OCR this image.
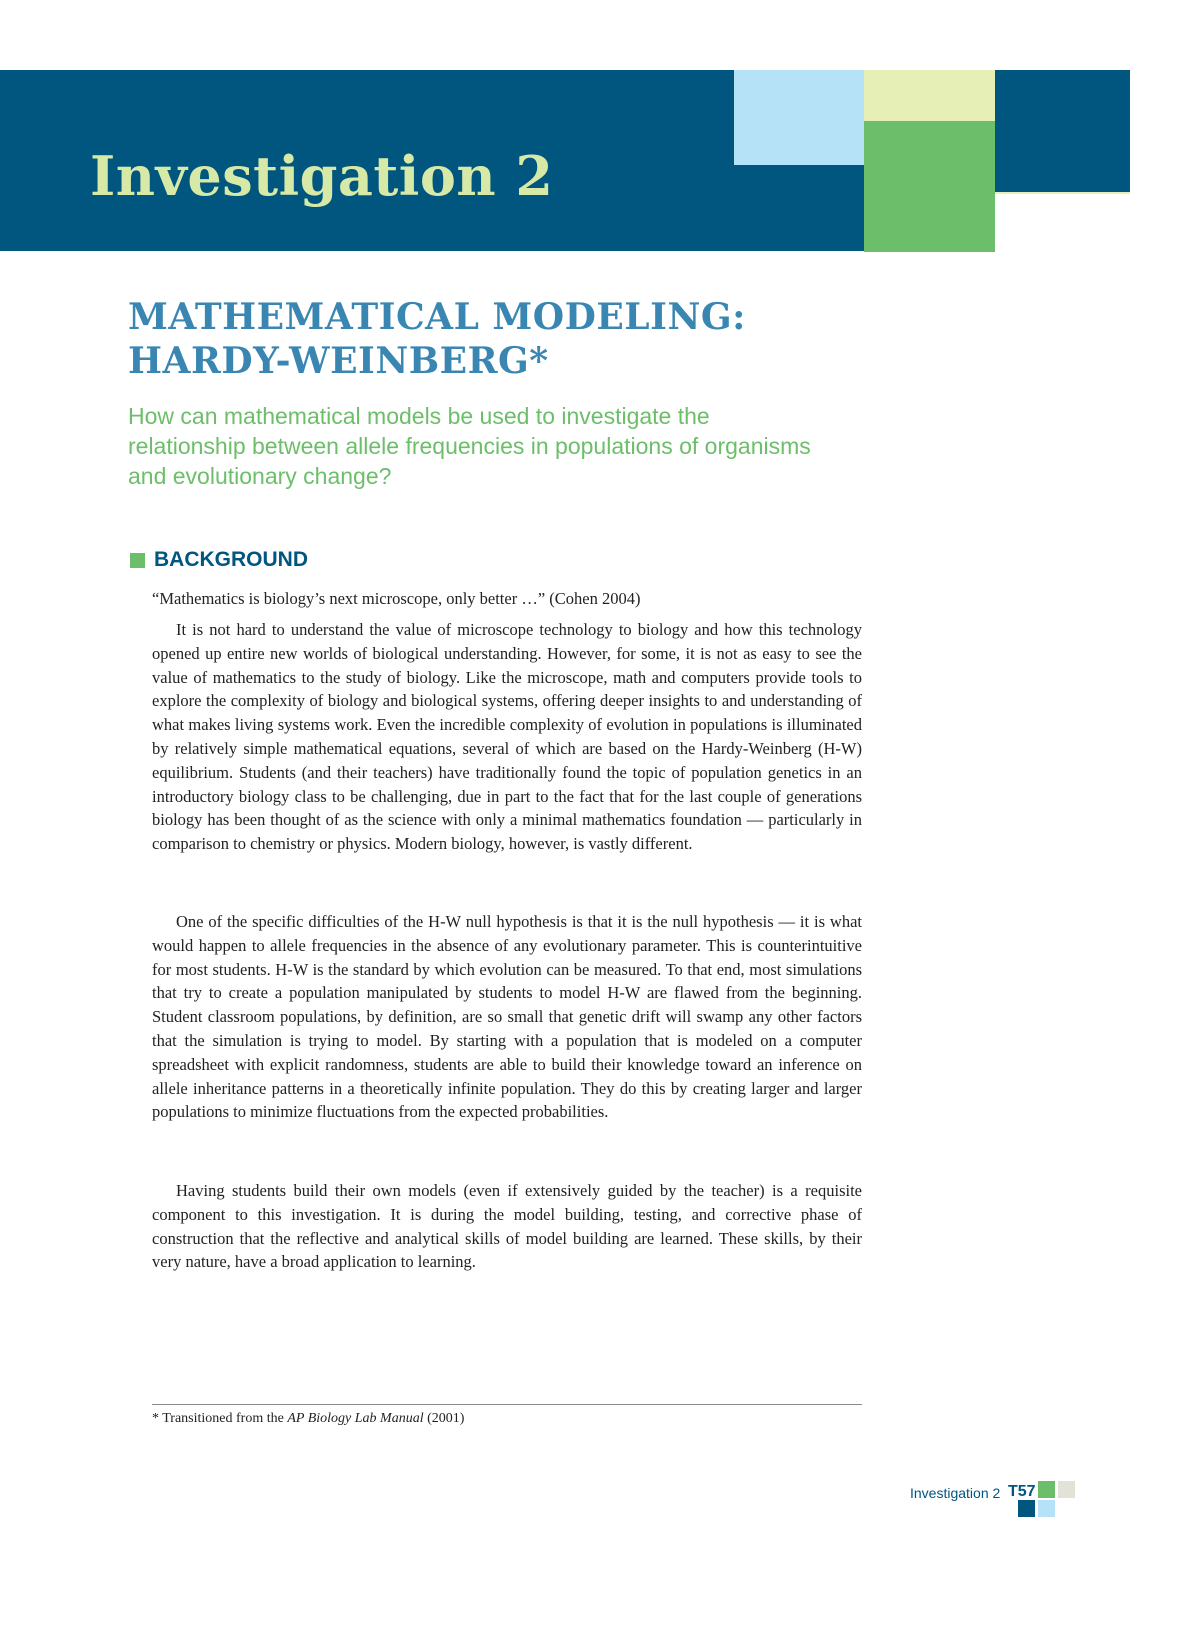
Investigation 2
MATHEMATICAL MODELING:
HARDY-WEINBERG*
How can mathematical models be used to investigate the relationship between allele frequencies in populations of organisms and evolutionary change?
BACKGROUND
“Mathematics is biology’s next microscope, only better …” (Cohen 2004)
It is not hard to understand the value of microscope technology to biology and how this technology opened up entire new worlds of biological understanding. However, for some, it is not as easy to see the value of mathematics to the study of biology. Like the microscope, math and computers provide tools to explore the complexity of biology and biological systems, offering deeper insights to and understanding of what makes living systems work. Even the incredible complexity of evolution in populations is illuminated by relatively simple mathematical equations, several of which are based on the Hardy-Weinberg (H-W) equilibrium. Students (and their teachers) have traditionally found the topic of population genetics in an introductory biology class to be challenging, due in part to the fact that for the last couple of generations biology has been thought of as the science with only a minimal mathematics foundation — particularly in comparison to chemistry or physics. Modern biology, however, is vastly different.
One of the specific difficulties of the H-W null hypothesis is that it is the null hypothesis — it is what would happen to allele frequencies in the absence of any evolutionary parameter. This is counterintuitive for most students. H-W is the standard by which evolution can be measured. To that end, most simulations that try to create a population manipulated by students to model H-W are flawed from the beginning. Student classroom populations, by definition, are so small that genetic drift will swamp any other factors that the simulation is trying to model. By starting with a population that is modeled on a computer spreadsheet with explicit randomness, students are able to build their knowledge toward an inference on allele inheritance patterns in a theoretically infinite population. They do this by creating larger and larger populations to minimize fluctuations from the expected probabilities.
Having students build their own models (even if extensively guided by the teacher) is a requisite component to this investigation. It is during the model building, testing, and corrective phase of construction that the reflective and analytical skills of model building are learned. These skills, by their very nature, have a broad application to learning.
* Transitioned from the AP Biology Lab Manual (2001)
Investigation 2 T57
